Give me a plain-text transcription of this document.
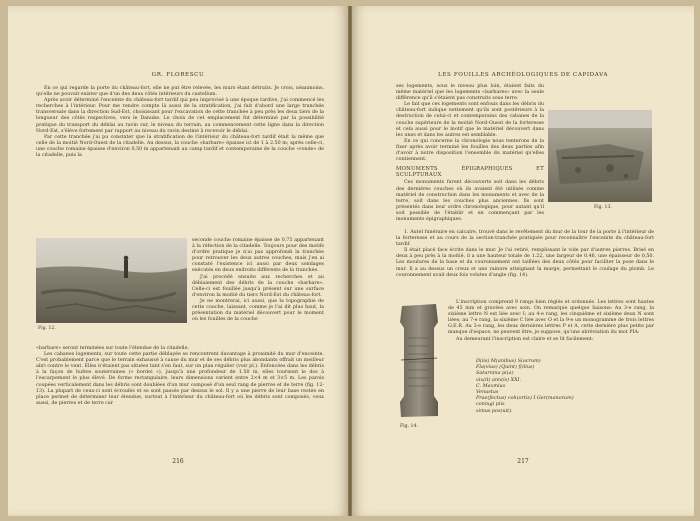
GR. FLORESCU

En ce qui regarde la porte du château-fort, elle ne put être relevée, les murs étant détruits. Je crois, néanmoins, qu'elle ne pouvait exister que d'un des deux côtés intérieurs du castellum.

Après avoir déterminé l'enceinte du château-fort tardif qui peu improvisé à une époque tardive, j'ai commencé les recherches à l'intérieur. Pour me rendre compte là aussi de la stratification, j'ai fait d'abord une large tranchée transversale dans la direction Sud-Est, choisissant pour l'excavation de cette tranchée à peu près les deux tiers de la longueur des côtés respectives, vers le Danube. Le choix de cet emplacement fut déterminé par la possibilité pratique du transport du déblai au ravin sur, le niveau du terrain, au commencement cette ligne dans la direction Nord-Est, s'élève fortement par rapport au niveau du ravin destiné à recevoir le déblai.

Par cette tranchée j'ai pu constater que la stratification de l'intérieur du château-fort tardif était la même que celle de la moitié Nord-Ouest de la citadelle. Au dessus, la couche «barbare» épaisse ici de 1 à 2.50 m; après celle-ci, une couche romaine épaisse d'environ 0,50 m appartenant au camp tardif et contemporaine de la couche «ronde» de la citadelle, puis la

Fig. 12.

seconde couche romaine épaisse de 0,75 appartenant à la réfection de la citadelle. Toujours pour des motifs d'ordre pratique je n'ai pas approfondi la tranchée pour retrouver les deux autres couches, mais j'en ai constaté l'existence ici aussi par deux sondages exécutés en deux endroits différents de la tranchée.

J'ai procédé ensuite aux recherches et au déblaiement des débris de la couche «barbare». Celle-ci est fouillée jusqu'à présent sur une surface d'environ la moitié du tiers Nord-Est du château-fort.

Je ne montrerai, ici aussi, que la topographie de cette couche, laissant, comme je l'ai dit plus haut, la présentation du matériel découvert pour le moment où les fouilles de la couche

«barbare» seront terminées sur toute l'étendue de la citadelle.

Les cabanes logements, sur toute cette partie déblayée se rencontrent davantage à proximité du mur d'enceinte. C'est probablement parce que le terrain exhaussé à cause du mur et de ses débris plus abondants offrait un meilleur abri contre le vent. Elles n'étaient pas situées tant s'en faut, sur un plan régulier (voir pl.). Enfoncées dans les débris à la façon de huttes souterraines (« bordei »), jusqu'à une profondeur de 1.50 m, elles tournent le dos à l'escarpement le plus élevé. De forme rectangulaire, leurs dimensions varient entre 2×4 m et 3×5 m. Les parois coupées verticalement dans les débris sont doublées d'un mur composé d'un seul rang de pierres et de terre (fig. 12-13). La plupart de ceux-ci sont écroulés et se sont passés par dessus le sol. Il y a une pierre de leur base restée en place permet de déterminer leur étendue, surtout à l'intérieur du château-fort où les débris sont composés, ceux aussi, de pierres et de terre car

216
LES FOUILLES ARCHÉOLOGIQUES DE CAPIDAVA

ses logements, sous le niveau plus loin, étaient faits du même matériel que les logements «barbares» avec la seule différence qu'il s'étaient pas construits sous terre.

Le fait que ces logements sont enfouis dans les débris du château-fort indique nettement qu'ils sont postérieurs à la destruction de celui-ci et contemporains des cabanes de la couche supérieure de la moitié Nord-Ouest de la forteresse et cela aussi pour le motif que le matériel découvert dans les unes et dans les autres est semblable.

En ce qui concerne la chronologie nous tenterons de la fixer après avoir terminé les fouilles des deux parties afin d'avoir à notre disposition l'ensemble du matériel qu'elles contiennent.

MONUMENTS ÉPIGRAPHIQUES ET SCULPTURAUX

Ces monuments furent découverts soit dans les débris des dernières couches où ils avaient été utilisés comme matériel de construction dans les monuments et avec de la terre, soit dans les couches plus anciennes. Ils sont présentés dans leur ordre chronologique, pour autant qu'il soit possible de l'établir et en commençant par les monuments épigraphiques.

Fig. 13.

1. Autel funéraire en calcaire, trouvé dans le revêtement du mur de la tour de la porte à l'intérieur de la forteresse et au cours de la section-tranchée pratiquée pour reconnaître l'enceinte du château-fort tardif.

Il était placé face écrite dans le mur. Je l'ai retiré, remplissant le vide par d'autres pierres. Brisé en deux à peu près à la moitié, il a une hauteur totale de 1.22, une largeur de 0,46, une épaisseur de 0,50. Les moulures de la base et du couronnement ont taillées des deux côtés pour faciliter la pose dans le mur. Il a au dessus un creux et une rainure atteignant la marge, permettant le coulage du plomb. Le couronnement avait deux fois volutes d'angle (fig. 14).

Fig. 14.

L'inscription comprend 9 rangs bien réglés et ordonnés. Les lettres sont hautes de 45 mm et gravées avec soin. On remarque quelque liaisons: Au 3-e rang, la sixième lettre N est liée avec I; au 4-e rang, les cinquième et sixième deux N sont liées; au 7-e rang, la sixième C liée avec O et la 9-e un monogramme de trois lettres G.E.R. Au 3-e rang, les deux dernières lettres P et A, cette dernière plus petite par manque d'espace, ne peuvent être, je suppose, qu'une abréviation du mot PIA:

Au demeurant l'inscription est claire et se lit facilement:

D(iis) M(anibus) S(acrum)
Fla(vius) (Quint) f(ilius)
Saturnina pi(a)
vix(it) ann(is) XXI.
C. Maxmius
Venustus
Prae(fectus) coh(ortis) I Ger(manorum)
coniugi piis
simus pos(uit).
217
